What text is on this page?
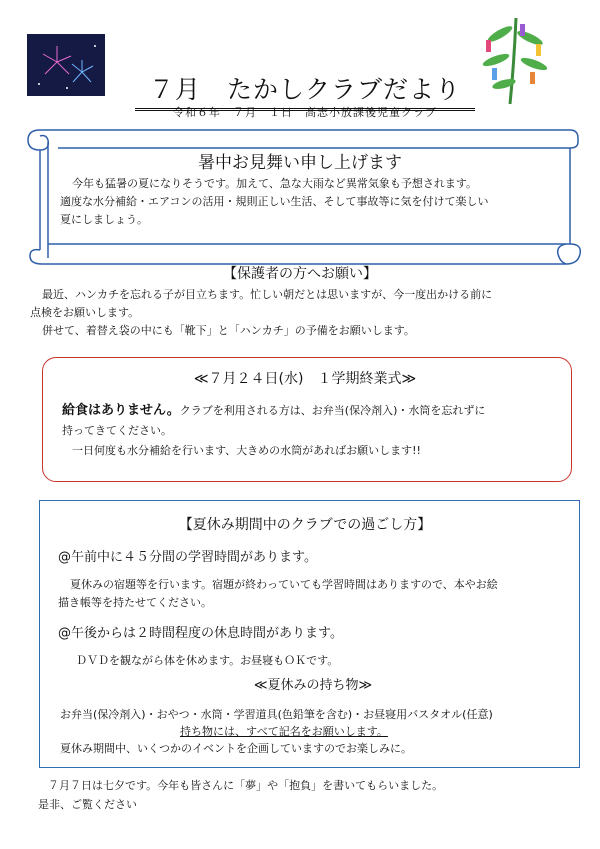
７月　たかしクラブだより
令和６年　７月　１日　高志小放課後児童クラブ
暑中お見舞い申し上げます
今年も猛暑の夏になりそうです。加えて、急な大雨など異常気象も予想されます。
適度な水分補給・エアコンの活用・規則正しい生活、そして事故等に気を付けて楽しい
夏にしましょう。
【保護者の方へお願い】
最近、ハンカチを忘れる子が目立ちます。忙しい朝だとは思いますが、今一度出かける前に
点検をお願いします。
併せて、着替え袋の中にも「靴下」と「ハンカチ」の予備をお願いします。
≪７月２４日(水)　１学期終業式≫
給食はありません。クラブを利用される方は、お弁当(保冷剤入)・水筒を忘れずに
持ってきてください。
一日何度も水分補給を行います、大きめの水筒があればお願いします!!
【夏休み期間中のクラブでの過ごし方】
@午前中に４５分間の学習時間があります。
夏休みの宿題等を行います。宿題が終わっていても学習時間はありますので、本やお絵
描き帳等を持たせてください。
@午後からは２時間程度の休息時間があります。
ＤＶＤを観ながら体を休めます。お昼寝もＯＫです。
≪夏休みの持ち物≫
お弁当(保冷剤入)・おやつ・水筒・学習道具(色鉛筆を含む)・お昼寝用バスタオル(任意)
持ち物には、すべて記名をお願いします。
夏休み期間中、いくつかのイベントを企画していますのでお楽しみに。
７月７日は七夕です。今年も皆さんに「夢」や「抱負」を書いてもらいました。
是非、ご覧ください
